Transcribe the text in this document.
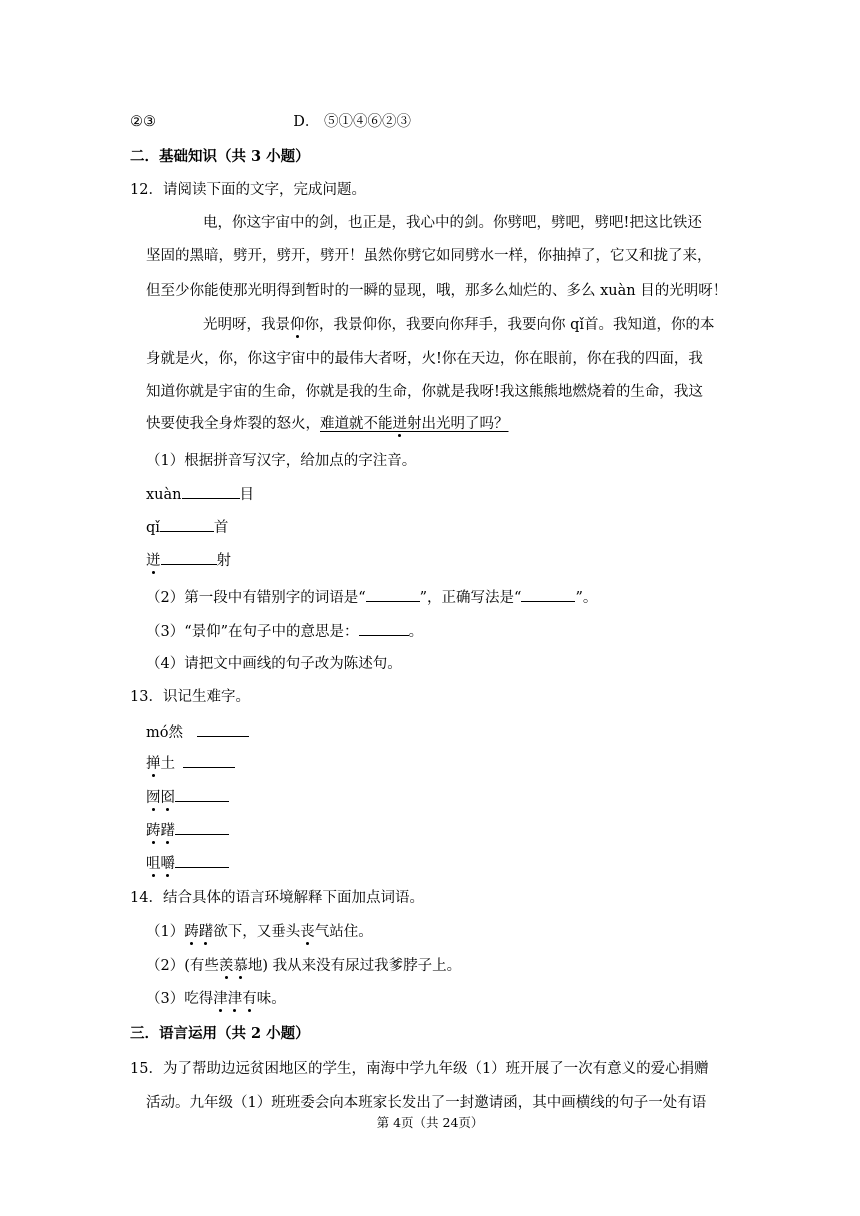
②③	D． ⑤①④⑥②③
二．基础知识（共 3 小题）
12．请阅读下面的文字，完成问题。
电，你这宇宙中的剑，也正是，我心中的剑。你劈吧，劈吧，劈吧!把这比铁还
坚固的黑暗，劈开，劈开，劈开！虽然你劈它如同劈水一样，你抽掉了，它又和拢了来，
但至少你能使那光明得到暂时的一瞬的显现，哦，那多么灿烂的、多么 xuàn 目的光明呀！
光明呀，我景仰你，我景仰你，我要向你拜手，我要向你 qǐ首。我知道，你的本
身就是火，你，你这宇宙中的最伟大者呀，火!你在天边，你在眼前，你在我的四面，我
知道你就是宇宙的生命，你就是我的生命，你就是我呀!我这熊熊地燃烧着的生命，我这
快要使我全身炸裂的怒火，难道就不能迸射出光明了吗？
（1）根据拼音写汉字，给加点的字注音。
xuàn	目
qǐ	首
迸	射
（2）第一段中有错别字的词语是“	”，正确写法是“	”。
（3）“景仰”在句子中的意思是：	。
（4）请把文中画线的句子改为陈述句。
13．识记生难字。
mó然
掸土
囫囵
踌躇
咀嚼
14．结合具体的语言环境解释下面加点词语。
（1）踌躇欲下，又垂头丧气站住。
（2）(有些羡慕地) 我从来没有尿过我爹脖子上。
（3）吃得津津有味。
三．语言运用（共 2 小题）
15．为了帮助边远贫困地区的学生，南海中学九年级（1）班开展了一次有意义的爱心捐赠
活动。九年级（1）班班委会向本班家长发出了一封邀请函，其中画横线的句子一处有语
第 4页（共 24页）
